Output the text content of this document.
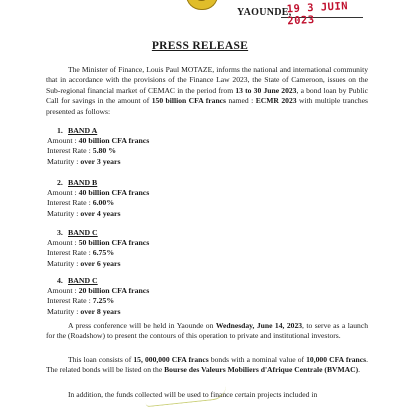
YAOUNDE,
19 3 JUIN 2023
PRESS RELEASE
The Minister of Finance, Louis Paul MOTAZE, informs the national and international community that in accordance with the provisions of the Finance Law 2023, the State of Cameroon, issues on the Sub-regional financial market of CEMAC in the period from 13 to 30 June 2023, a bond loan by Public Call for savings in the amount of 150 billion CFA francs named : ECMR 2023 with multiple tranches presented as follows:
1. BAND A
Amount : 40 billion CFA francs
Interest Rate : 5.80 %
Maturity : over 3 years
2. BAND B
Amount : 40 billion CFA francs
Interest Rate : 6.00%
Maturity : over 4 years
3. BAND C
Amount : 50 billion CFA francs
Interest Rate : 6.75%
Maturity : over 6 years
4. BAND C
Amount : 20 billion CFA francs
Interest Rate : 7.25%
Maturity : over 8 years
A press conference will be held in Yaounde on Wednesday, June 14, 2023, to serve as a launch for the (Roadshow) to present the contours of this operation to private and institutional investors.
This loan consists of 15, 000,000 CFA francs bonds with a nominal value of 10,000 CFA francs. The related bonds will be listed on the Bourse des Valeurs Mobiliers d'Afrique Centrale (BVMAC).
In addition, the funds collected will be used to finance certain projects included in
